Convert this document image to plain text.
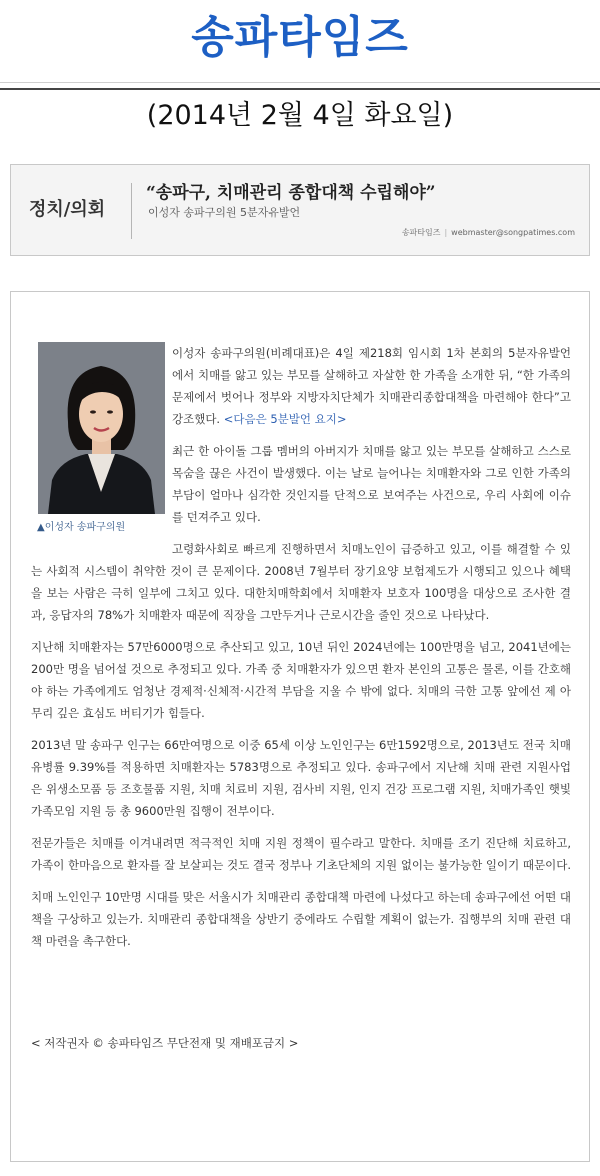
송파타임즈
(2014년 2월 4일 화요일)
정치/의회
“송파구, 치매관리 종합대책 수립해야”
이성자 송파구의원 5분자유발언
송파타임즈 | webmaster@songpatimes.com
▲이성자 송파구의원

이성자 송파구의원(비례대표)은 4일 제218회 임시회 1차 본회의 5분자유발언에서 치매를 앓고 있는 부모를 살해하고 자살한 한 가족을 소개한 뒤, “한 가족의 문제에서 벗어나 정부와 지방자치단체가 치매관리종합대책을 마련해야 한다”고 강조했다. <다음은 5분발언 요지>

최근 한 아이돌 그룹 멤버의 아버지가 치매를 앓고 있는 부모를 살해하고 스스로 목숨을 끊은 사건이 발생했다. 이는 날로 늘어나는 치매환자와 그로 인한 가족의 부담이 얼마나 심각한 것인지를 단적으로 보여주는 사건으로, 우리 사회에 이슈를 던져주고 있다.

고령화사회로 빠르게 진행하면서 치매노인이 급증하고 있고, 이를 해결할 수 있는 사회적 시스템이 취약한 것이 큰 문제이다. 2008년 7월부터 장기요양 보험제도가 시행되고 있으나 혜택을 보는 사람은 극히 일부에 그치고 있다. 대한치매학회에서 치매환자 보호자 100명을 대상으로 조사한 결과, 응답자의 78%가 치매환자 때문에 직장을 그만두거나 근로시간을 줄인 것으로 나타났다.

지난해 치매환자는 57만6000명으로 추산되고 있고, 10년 뒤인 2024년에는 100만명을 넘고, 2041년에는 200만 명을 넘어설 것으로 추정되고 있다. 가족 중 치매환자가 있으면 환자 본인의 고통은 물론, 이를 간호해야 하는 가족에게도 엄청난 경제적·신체적·시간적 부담을 지울 수 밖에 없다. 치매의 극한 고통 앞에선 제 아무리 깊은 효심도 버티기가 힘들다.

2013년 말 송파구 인구는 66만여명으로 이중 65세 이상 노인인구는 6만1592명으로, 2013년도 전국 치매 유병률 9.39%를 적용하면 치매환자는 5783명으로 추정되고 있다. 송파구에서 지난해 치매 관련 지원사업은 위생소모품 등 조호물품 지원, 치매 치료비 지원, 검사비 지원, 인지 건강 프로그램 지원, 치매가족인 햇빛 가족모임 지원 등 총 9600만원 집행이 전부이다.

전문가들은 치매를 이겨내려면 적극적인 치매 지원 정책이 필수라고 말한다. 치매를 조기 진단해 치료하고, 가족이 한마음으로 환자를 잘 보살피는 것도 결국 정부나 기초단체의 지원 없이는 불가능한 일이기 때문이다.

치매 노인인구 10만명 시대를 맞은 서울시가 치매관리 종합대책 마련에 나섰다고 하는데 송파구에선 어떤 대책을 구상하고 있는가. 치매관리 종합대책을 상반기 중에라도 수립할 계획이 없는가. 집행부의 치매 관련 대책 마련을 촉구한다.

< 저작권자 © 송파타임즈 무단전재 및 재배포금지 >
